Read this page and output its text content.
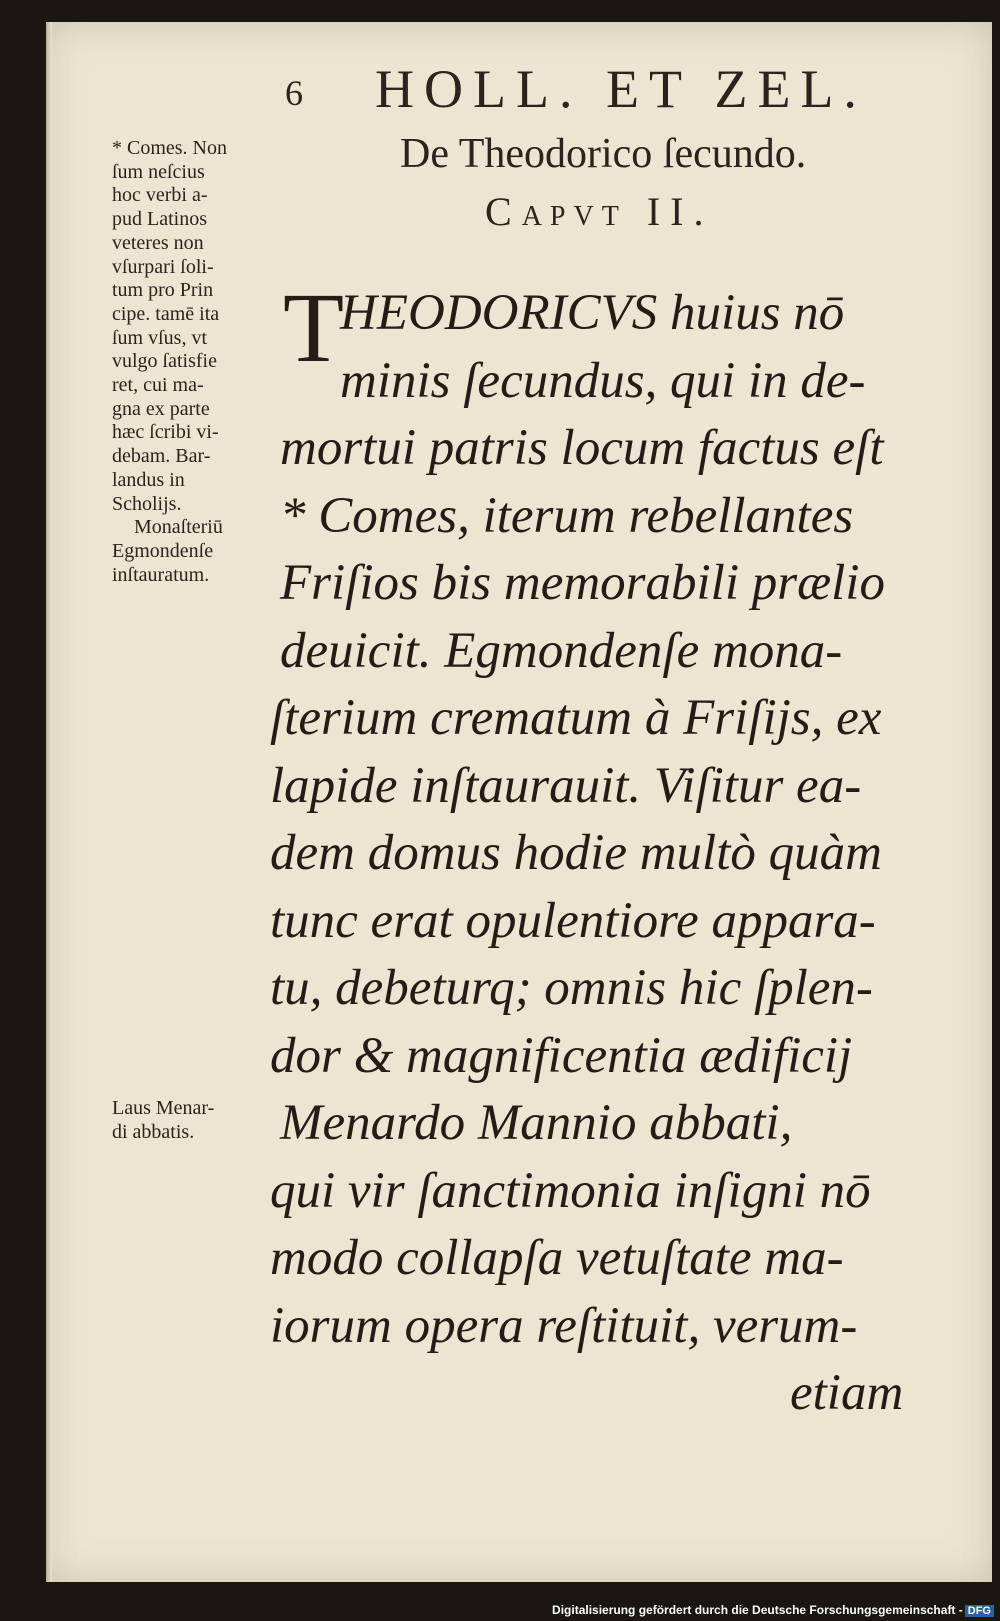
6 HOLL. ET ZEL.
De Theodorico ſecundo.
CAPVT II.
* Comes. Non
ſum neſcius
hoc verbi a-
pud Latinos
veteres non
vſurpari ſoli-
tum pro Prin
cipe. tamē ita
ſum vſus, vt
vulgo ſatisfie
ret, cui ma-
gna ex parte
hæc ſcribi vi-
debam. Bar-
landus in
Scholijs.
Monaſteriū
Egmondenſe
inſtauratum.
Laus Menar-
di abbatis.
T
HEODORICVS huius nō
minis ſecundus, qui in de-
mortui patris locum factus eſt
* Comes, iterum rebellantes
Friſios bis memorabili prælio
deuicit. Egmondenſe mona-
ſterium crematum à Friſijs, ex
lapide inſtaurauit. Viſitur ea-
dem domus hodie multò quàm
tunc erat opulentiore appara-
tu, debeturq; omnis hic ſplen-
dor & magnificentia ædificij
Menardo Mannio abbati,
qui vir ſanctimonia inſigni nō
modo collapſa vetuſtate ma-
iorum opera reſtituit, verum-
etiam
Digitalisierung gefördert durch die Deutsche Forschungsgemeinschaft - DFG
